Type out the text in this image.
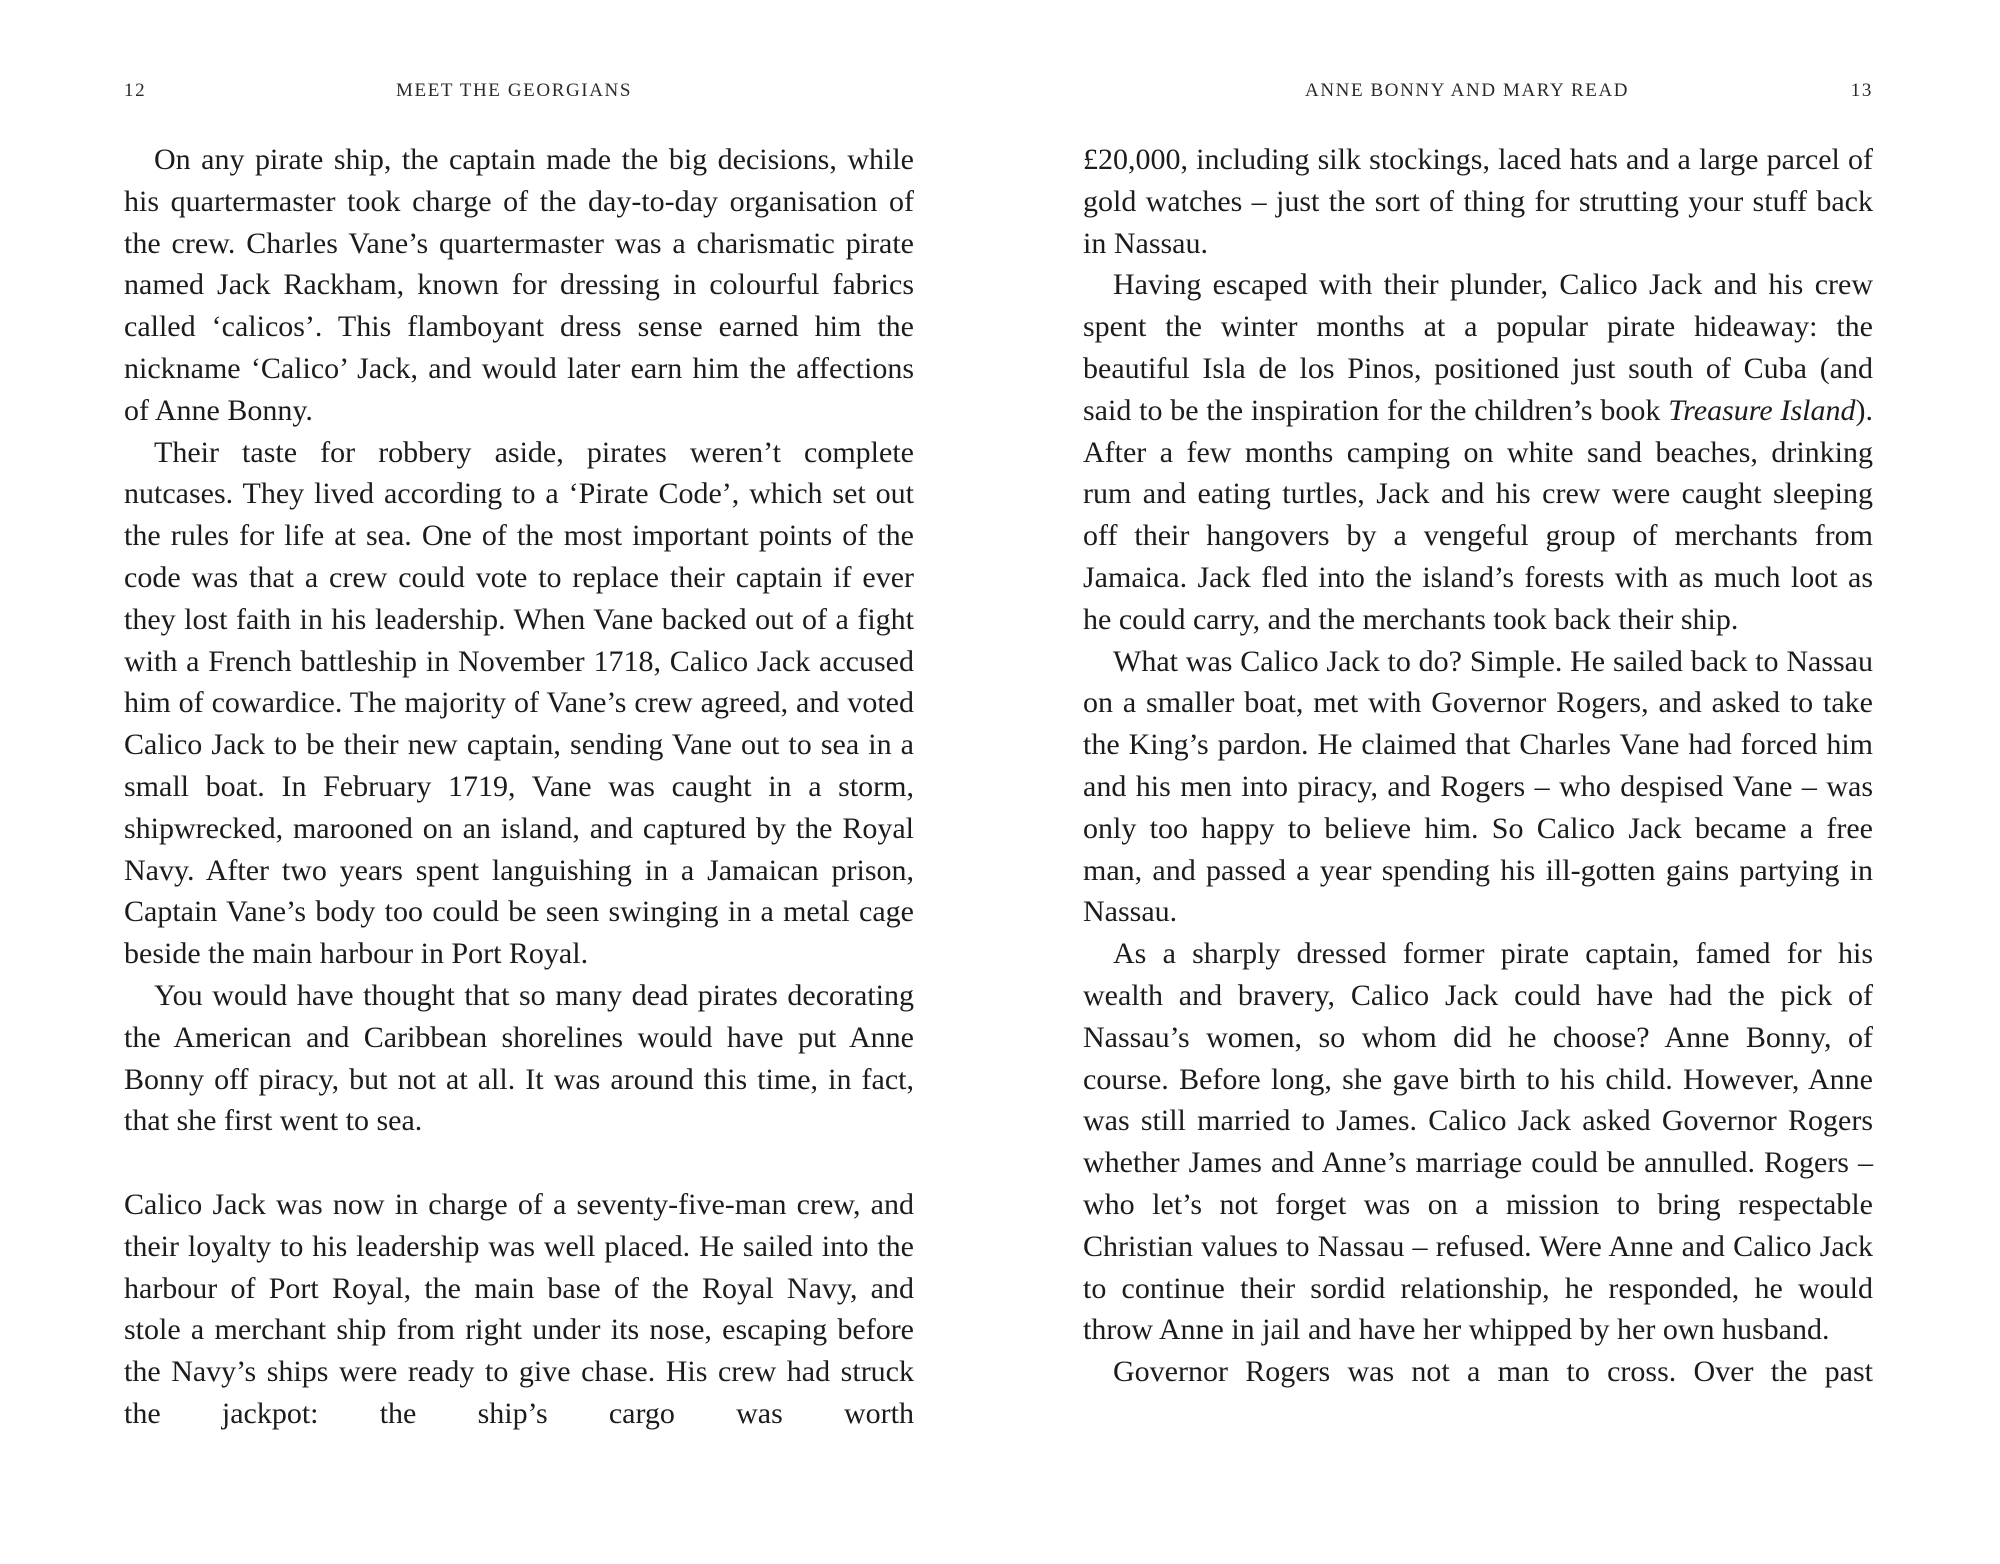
12	MEET THE GEORGIANS

On any pirate ship, the captain made the big decisions, while his quartermaster took charge of the day-to-day organisation of the crew. Charles Vane’s quartermaster was a charismatic pirate named Jack Rackham, known for dressing in colourful fabrics called ‘calicos’. This flamboyant dress sense earned him the nickname ‘Calico’ Jack, and would later earn him the affections of Anne Bonny.

Their taste for robbery aside, pirates weren’t complete nutcases. They lived according to a ‘Pirate Code’, which set out the rules for life at sea. One of the most important points of the code was that a crew could vote to replace their captain if ever they lost faith in his leadership. When Vane backed out of a fight with a French battleship in November 1718, Calico Jack accused him of cowardice. The majority of Vane’s crew agreed, and voted Calico Jack to be their new captain, sending Vane out to sea in a small boat. In February 1719, Vane was caught in a storm, shipwrecked, marooned on an island, and captured by the Royal Navy. After two years spent languishing in a Jamaican prison, Captain Vane’s body too could be seen swinging in a metal cage beside the main harbour in Port Royal.

You would have thought that so many dead pirates decorating the American and Caribbean shorelines would have put Anne Bonny off piracy, but not at all. It was around this time, in fact, that she first went to sea.

Calico Jack was now in charge of a seventy-five-man crew, and their loyalty to his leadership was well placed. He sailed into the harbour of Port Royal, the main base of the Royal Navy, and stole a merchant ship from right under its nose, escaping before the Navy’s ships were ready to give chase. His crew had struck the jackpot: the ship’s cargo was worth

ANNE BONNY AND MARY READ	13

£20,000, including silk stockings, laced hats and a large parcel of gold watches – just the sort of thing for strutting your stuff back in Nassau.

Having escaped with their plunder, Calico Jack and his crew spent the winter months at a popular pirate hideaway: the beautiful Isla de los Pinos, positioned just south of Cuba (and said to be the inspiration for the children’s book Treasure Island). After a few months camping on white sand beaches, drinking rum and eating turtles, Jack and his crew were caught sleeping off their hangovers by a vengeful group of merchants from Jamaica. Jack fled into the island’s forests with as much loot as he could carry, and the merchants took back their ship.

What was Calico Jack to do? Simple. He sailed back to Nassau on a smaller boat, met with Governor Rogers, and asked to take the King’s pardon. He claimed that Charles Vane had forced him and his men into piracy, and Rogers – who despised Vane – was only too happy to believe him. So Calico Jack became a free man, and passed a year spending his ill-gotten gains partying in Nassau.

As a sharply dressed former pirate captain, famed for his wealth and bravery, Calico Jack could have had the pick of Nassau’s women, so whom did he choose? Anne Bonny, of course. Before long, she gave birth to his child. However, Anne was still married to James. Calico Jack asked Governor Rogers whether James and Anne’s marriage could be annulled. Rogers – who let’s not forget was on a mission to bring respectable Christian values to Nassau – refused. Were Anne and Calico Jack to continue their sordid relationship, he responded, he would throw Anne in jail and have her whipped by her own husband.

Governor Rogers was not a man to cross. Over the past
